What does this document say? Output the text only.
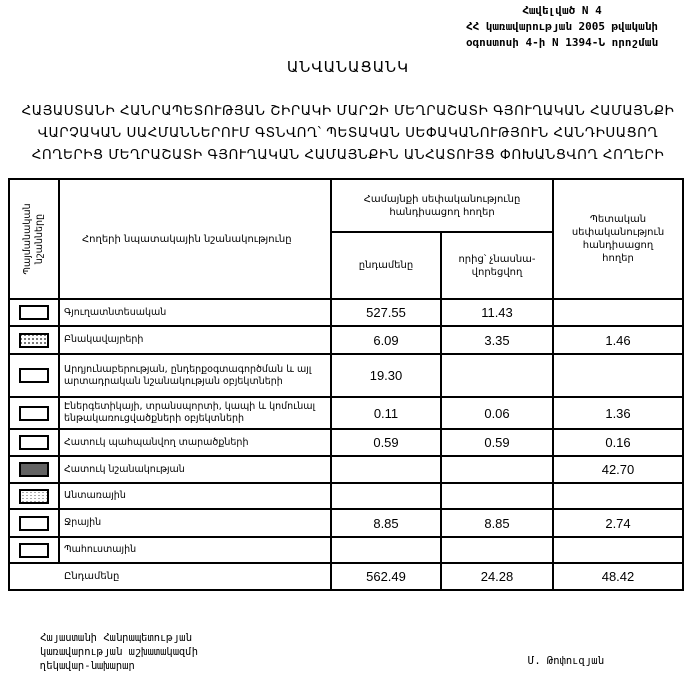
Հավելված N 4
ՀՀ կառավարության 2005 թվականի
օգոստոսի 4-ի N 1394-Ն որոշման
ԱՆՎԱՆԱՑԱՆԿ
ՀԱՅԱՍՏԱՆԻ ՀԱՆՐԱՊԵՏՈՒԹՅԱՆ ՇԻՐԱԿԻ ՄԱՐԶԻ ՄԵՂՐԱՇԱՏԻ ԳՅՈՒՂԱԿԱՆ ՀԱՄԱՅՆՔԻ
ՎԱՐՉԱԿԱՆ ՍԱՀՄԱՆՆԵՐՈՒՄ ԳՏՆՎՈՂ՝ ՊԵՏԱԿԱՆ ՍԵՓԱԿԱՆՈՒԹՅՈՒՆ ՀԱՆԴԻՍԱՑՈՂ
ՀՈՂԵՐԻՑ ՄԵՂՐԱՇԱՏԻ ԳՅՈՒՂԱԿԱՆ ՀԱՄԱՅՆՔԻՆ ԱՆՀԱՏՈՒՅՑ ՓՈԽԱՆՑՎՈՂ ՀՈՂԵՐԻ
Պայմանական նշանները	Հողերի նպատակային նշանակությունը	Համայնքի սեփականությունը հանդիսացող հողեր		Պետական սեփականություն հանդիսացող հողեր
		ընդամենը	որից՝ չնասնա- վորեցվող	
	Գյուղատնտեսական	527.55	11.43	
	Բնակավայրերի	6.09	3.35	1.46
	Արդյունաբերության, ընդերքօգտագործման և այլ արտադրական նշանակության օբյեկտների	19.30		
	Էներգետիկայի, տրանսպորտի, կապի և կոմունալ ենթակառուցվածքների օբյեկտների	0.11	0.06	1.36
	Հատուկ պահպանվող տարածքների	0.59	0.59	0.16
	Հատուկ նշանակության			42.70
	Անտառային			
	Ջրային	8.85	8.85	2.74
	Պահուստային			
Ընդամենը		562.49	24.28	48.42
Հայաստանի Հանրապետության
կառավարության աշխատակազմի
ղեկավար-նախարար	Մ. Թոփուզյան
